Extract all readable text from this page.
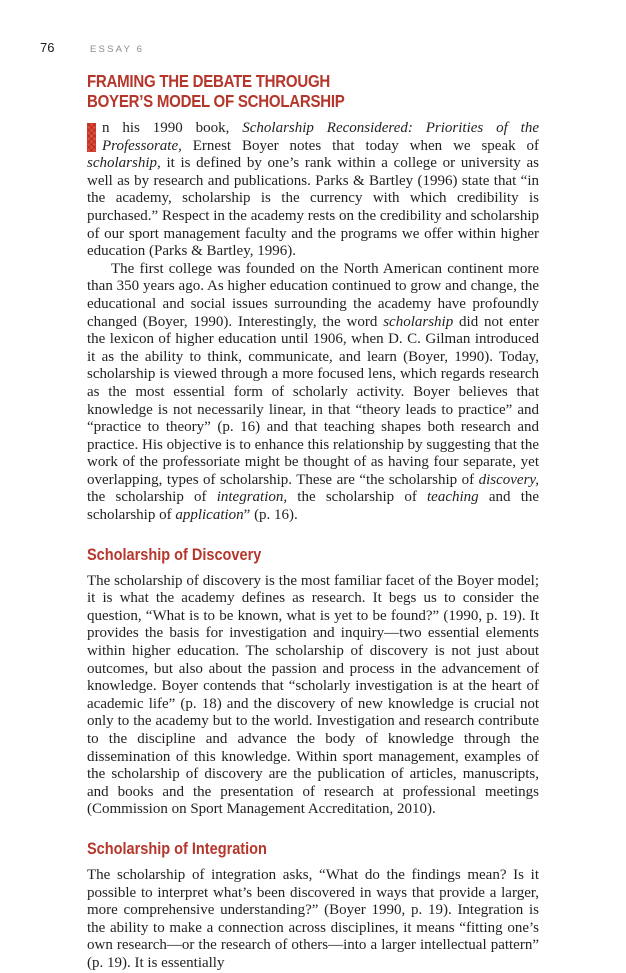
76	ESSAY 6
FRAMING THE DEBATE THROUGH
BOYER’S MODEL OF SCHOLARSHIP

n his 1990 book, Scholarship Reconsidered: Priorities of the Professorate, Ernest Boyer notes that today when we speak of scholarship, it is defined by one’s rank within a college or university as well as by research and publications. Parks & Bartley (1996) state that “in the academy, scholarship is the currency with which credibility is purchased.” Respect in the academy rests on the credibility and scholarship of our sport management faculty and the programs we offer within higher education (Parks & Bartley, 1996).

The first college was founded on the North American continent more than 350 years ago. As higher education continued to grow and change, the educational and social issues surrounding the academy have profoundly changed (Boyer, 1990). Interestingly, the word scholarship did not enter the lexicon of higher education until 1906, when D. C. Gilman introduced it as the ability to think, communicate, and learn (Boyer, 1990). Today, scholarship is viewed through a more focused lens, which regards research as the most essential form of scholarly activity. Boyer believes that knowledge is not necessarily linear, in that “theory leads to practice” and “practice to theory” (p. 16) and that teaching shapes both research and practice. His objective is to enhance this relationship by suggesting that the work of the professoriate might be thought of as having four separate, yet overlapping, types of scholarship. These are “the scholarship of discovery, the scholarship of integration, the scholarship of teaching and the scholarship of application” (p. 16).

Scholarship of Discovery

The scholarship of discovery is the most familiar facet of the Boyer model; it is what the academy defines as research. It begs us to consider the question, “What is to be known, what is yet to be found?” (1990, p. 19). It provides the basis for investigation and inquiry—two essential elements within higher education. The scholarship of discovery is not just about outcomes, but also about the passion and process in the advancement of knowledge. Boyer contends that “scholarly investigation is at the heart of academic life” (p. 18) and the discovery of new knowledge is crucial not only to the academy but to the world. Investigation and research contribute to the discipline and advance the body of knowledge through the dissemination of this knowledge. Within sport management, examples of the scholarship of discovery are the publication of articles, manuscripts, and books and the presentation of research at professional meetings (Commission on Sport Management Accreditation, 2010).

Scholarship of Integration

The scholarship of integration asks, “What do the findings mean? Is it possible to interpret what’s been discovered in ways that provide a larger, more comprehensive understanding?” (Boyer 1990, p. 19). Integration is the ability to make a connection across disciplines, it means “fitting one’s own research—or the research of others—into a larger intellectual pattern” (p. 19). It is essentially
